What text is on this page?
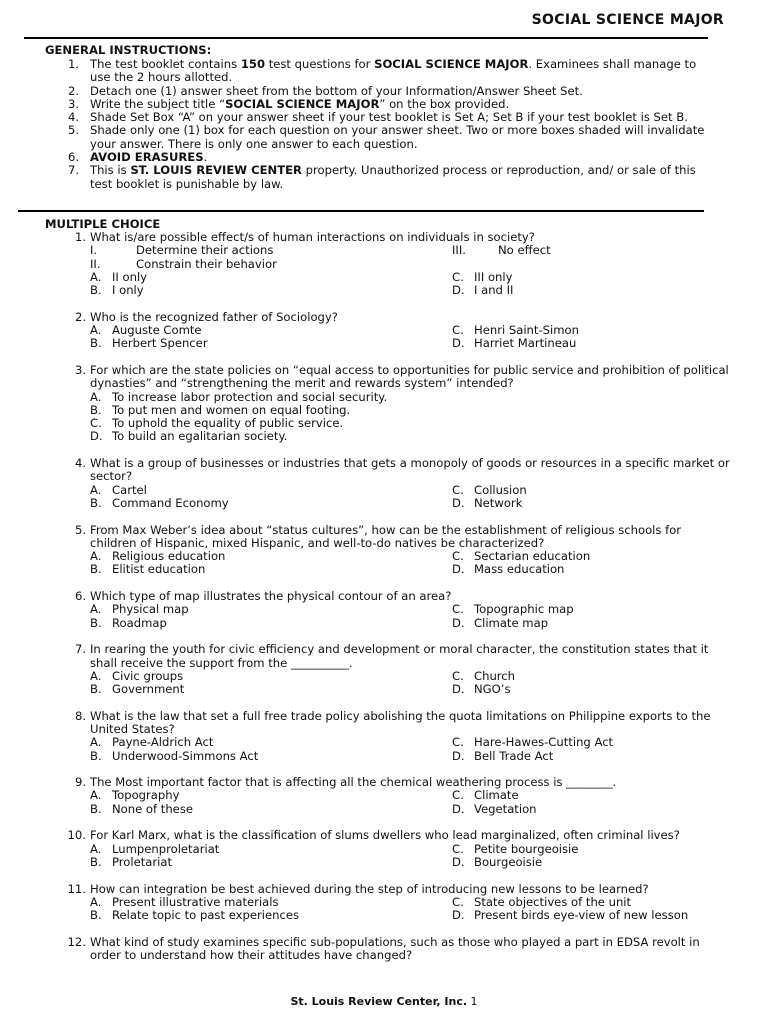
SOCIAL SCIENCE MAJOR
GENERAL INSTRUCTIONS:
1. The test booklet contains 150 test questions for SOCIAL SCIENCE MAJOR. Examinees shall manage to use the 2 hours allotted.
2. Detach one (1) answer sheet from the bottom of your Information/Answer Sheet Set.
3. Write the subject title “SOCIAL SCIENCE MAJOR” on the box provided.
4. Shade Set Box “A” on your answer sheet if your test booklet is Set A; Set B if your test booklet is Set B.
5. Shade only one (1) box for each question on your answer sheet. Two or more boxes shaded will invalidate your answer. There is only one answer to each question.
6. AVOID ERASURES.
7. This is ST. LOUIS REVIEW CENTER property. Unauthorized process or reproduction, and/ or sale of this test booklet is punishable by law.
MULTIPLE CHOICE
1. What is/are possible effect/s of human interactions on individuals in society?
I.	Determine their actions	III.	No effect
II.	Constrain their behavior
A. II only	C. III only
B. I only	D. I and II
2. Who is the recognized father of Sociology?
A. Auguste Comte	C. Henri Saint-Simon
B. Herbert Spencer	D. Harriet Martineau
3. For which are the state policies on “equal access to opportunities for public service and prohibition of political dynasties” and “strengthening the merit and rewards system” intended?
A. To increase labor protection and social security.
B. To put men and women on equal footing.
C. To uphold the equality of public service.
D. To build an egalitarian society.
4. What is a group of businesses or industries that gets a monopoly of goods or resources in a specific market or sector?
A. Cartel	C. Collusion
B. Command Economy	D. Network
5. From Max Weber’s idea about “status cultures”, how can be the establishment of religious schools for children of Hispanic, mixed Hispanic, and well-to-do natives be characterized?
A. Religious education	C. Sectarian education
B. Elitist education	D. Mass education
6. Which type of map illustrates the physical contour of an area?
A. Physical map	C. Topographic map
B. Roadmap	D. Climate map
7. In rearing the youth for civic efficiency and development or moral character, the constitution states that it shall receive the support from the __________.
A. Civic groups	C. Church
B. Government	D. NGO’s
8. What is the law that set a full free trade policy abolishing the quota limitations on Philippine exports to the United States?
A. Payne-Aldrich Act	C. Hare-Hawes-Cutting Act
B. Underwood-Simmons Act	D. Bell Trade Act
9. The Most important factor that is affecting all the chemical weathering process is ________.
A. Topography	C. Climate
B. None of these	D. Vegetation
10. For Karl Marx, what is the classification of slums dwellers who lead marginalized, often criminal lives?
A. Lumpenproletariat	C. Petite bourgeoisie
B. Proletariat	D. Bourgeoisie
11. How can integration be best achieved during the step of introducing new lessons to be learned?
A. Present illustrative materials	C. State objectives of the unit
B. Relate topic to past experiences	D. Present birds eye-view of new lesson
12. What kind of study examines specific sub-populations, such as those who played a part in EDSA revolt in order to understand how their attitudes have changed?
St. Louis Review Center, Inc. 1
